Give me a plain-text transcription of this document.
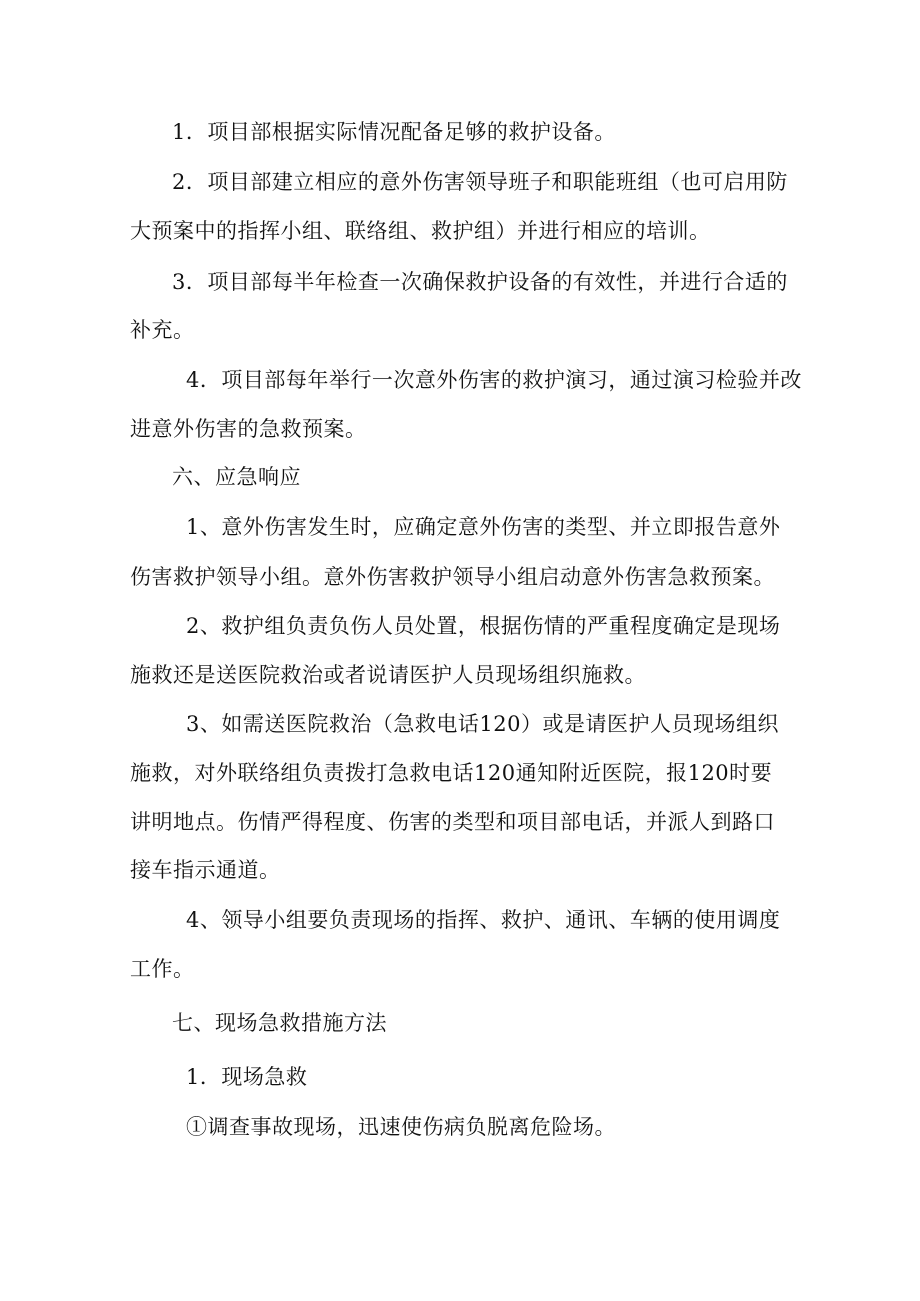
1．项目部根据实际情况配备足够的救护设备。
2．项目部建立相应的意外伤害领导班子和职能班组（也可启用防
大预案中的指挥小组、联络组、救护组）并进行相应的培训。
3．项目部每半年检查一次确保救护设备的有效性，并进行合适的
补充。
4．项目部每年举行一次意外伤害的救护演习，通过演习检验并改
进意外伤害的急救预案。
六、应急响应
1、意外伤害发生时，应确定意外伤害的类型、并立即报告意外
伤害救护领导小组。意外伤害救护领导小组启动意外伤害急救预案。
2、救护组负责负伤人员处置，根据伤情的严重程度确定是现场
施救还是送医院救治或者说请医护人员现场组织施救。
3、如需送医院救治（急救电话120）或是请医护人员现场组织
施救，对外联络组负责拨打急救电话120通知附近医院，报120时要
讲明地点。伤情严得程度、伤害的类型和项目部电话，并派人到路口
接车指示通道。
4、领导小组要负责现场的指挥、救护、通讯、车辆的使用调度
工作。
七、现场急救措施方法
1．现场急救
①调查事故现场，迅速使伤病负脱离危险场。
